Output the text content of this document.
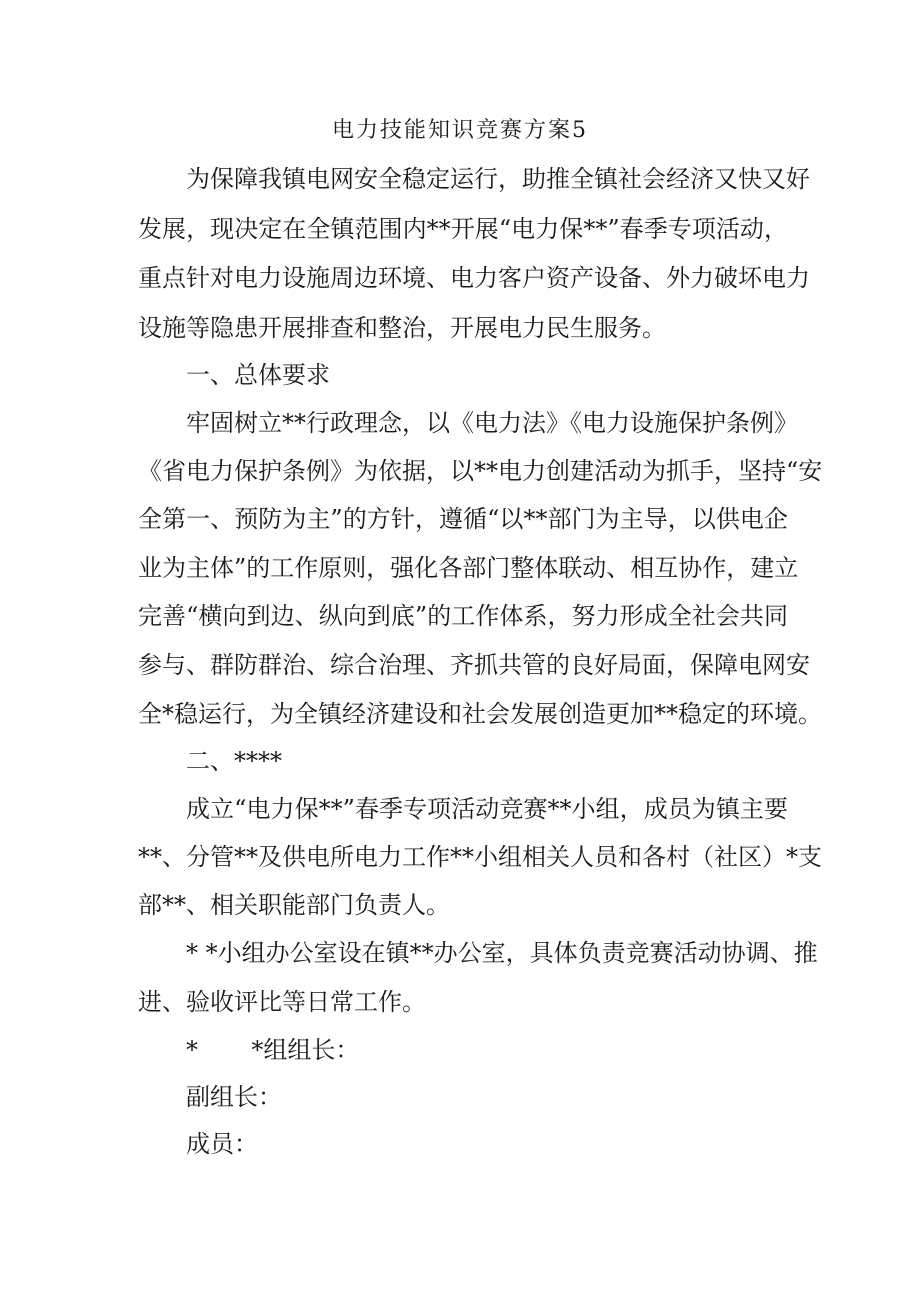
电力技能知识竞赛方案5

为保障我镇电网安全稳定运行，助推全镇社会经济又快又好

发展，现决定在全镇范围内**开展“电力保**”春季专项活动，

重点针对电力设施周边环境、电力客户资产设备、外力破坏电力

设施等隐患开展排查和整治，开展电力民生服务。

一、总体要求

牢固树立**行政理念，以《电力法》《电力设施保护条例》

《省电力保护条例》为依据，以**电力创建活动为抓手，坚持“安

全第一、预防为主”的方针，遵循“以**部门为主导，以供电企

业为主体”的工作原则，强化各部门整体联动、相互协作，建立

完善“横向到边、纵向到底”的工作体系，努力形成全社会共同

参与、群防群治、综合治理、齐抓共管的良好局面，保障电网安

全*稳运行，为全镇经济建设和社会发展创造更加**稳定的环境。

二、****

成立“电力保**”春季专项活动竞赛**小组，成员为镇主要

**、分管**及供电所电力工作**小组相关人员和各村（社区）*支

部**、相关职能部门负责人。

* *小组办公室设在镇**办公室，具体负责竞赛活动协调、推

进、验收评比等日常工作。

*       *组组长：

副组长：

成员：
